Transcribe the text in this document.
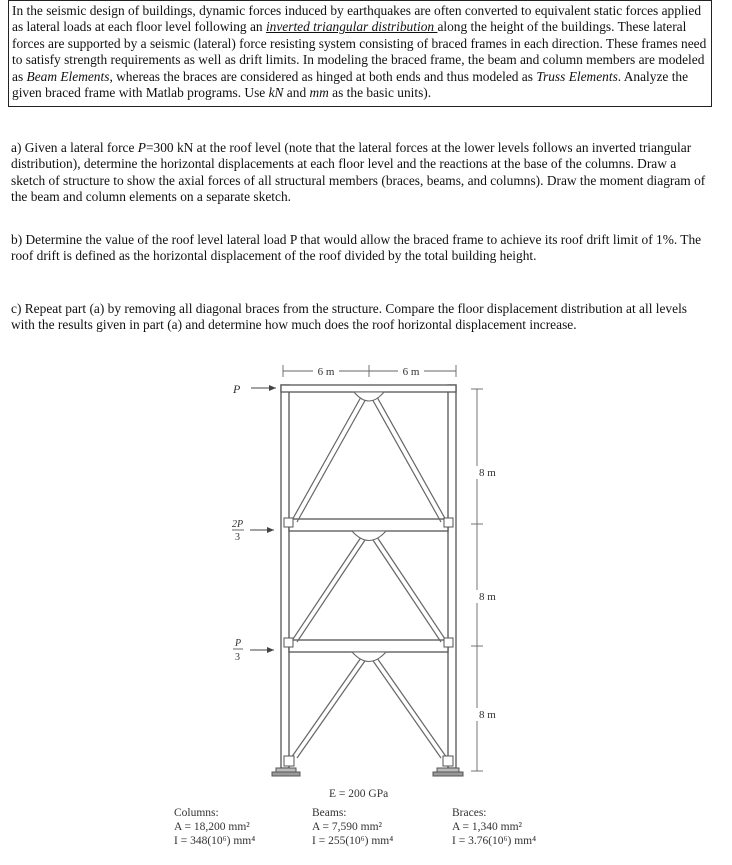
In the seismic design of buildings, dynamic forces induced by earthquakes are often converted to equivalent static forces applied as lateral loads at each floor level following an inverted triangular distribution along the height of the buildings. These lateral forces are supported by a seismic (lateral) force resisting system consisting of braced frames in each direction. These frames need to satisfy strength requirements as well as drift limits. In modeling the braced frame, the beam and column members are modeled as Beam Elements, whereas the braces are considered as hinged at both ends and thus modeled as Truss Elements. Analyze the given braced frame with Matlab programs. Use kN and mm as the basic units).

a) Given a lateral force P=300 kN at the roof level (note that the lateral forces at the lower levels follows an inverted triangular distribution), determine the horizontal displacements at each floor level and the reactions at the base of the columns. Draw a sketch of structure to show the axial forces of all structural members (braces, beams, and columns). Draw the moment diagram of the beam and column elements on a separate sketch.

b) Determine the value of the roof level lateral load P that would allow the braced frame to achieve its roof drift limit of 1%. The roof drift is defined as the horizontal displacement of the roof divided by the total building height.

c) Repeat part (a) by removing all diagonal braces from the structure. Compare the floor displacement distribution at all levels with the results given in part (a) and determine how much does the roof horizontal displacement increase.

6 m	6 m
8 m
8 m
8 m
P
2P
3
P
3
E = 200 GPa
Columns:
A = 18,200 mm²
I = 348(10⁶) mm⁴
Beams:
A = 7,590 mm²
I = 255(10⁶) mm⁴
Braces:
A = 1,340 mm²
I = 3.76(10⁶) mm⁴
